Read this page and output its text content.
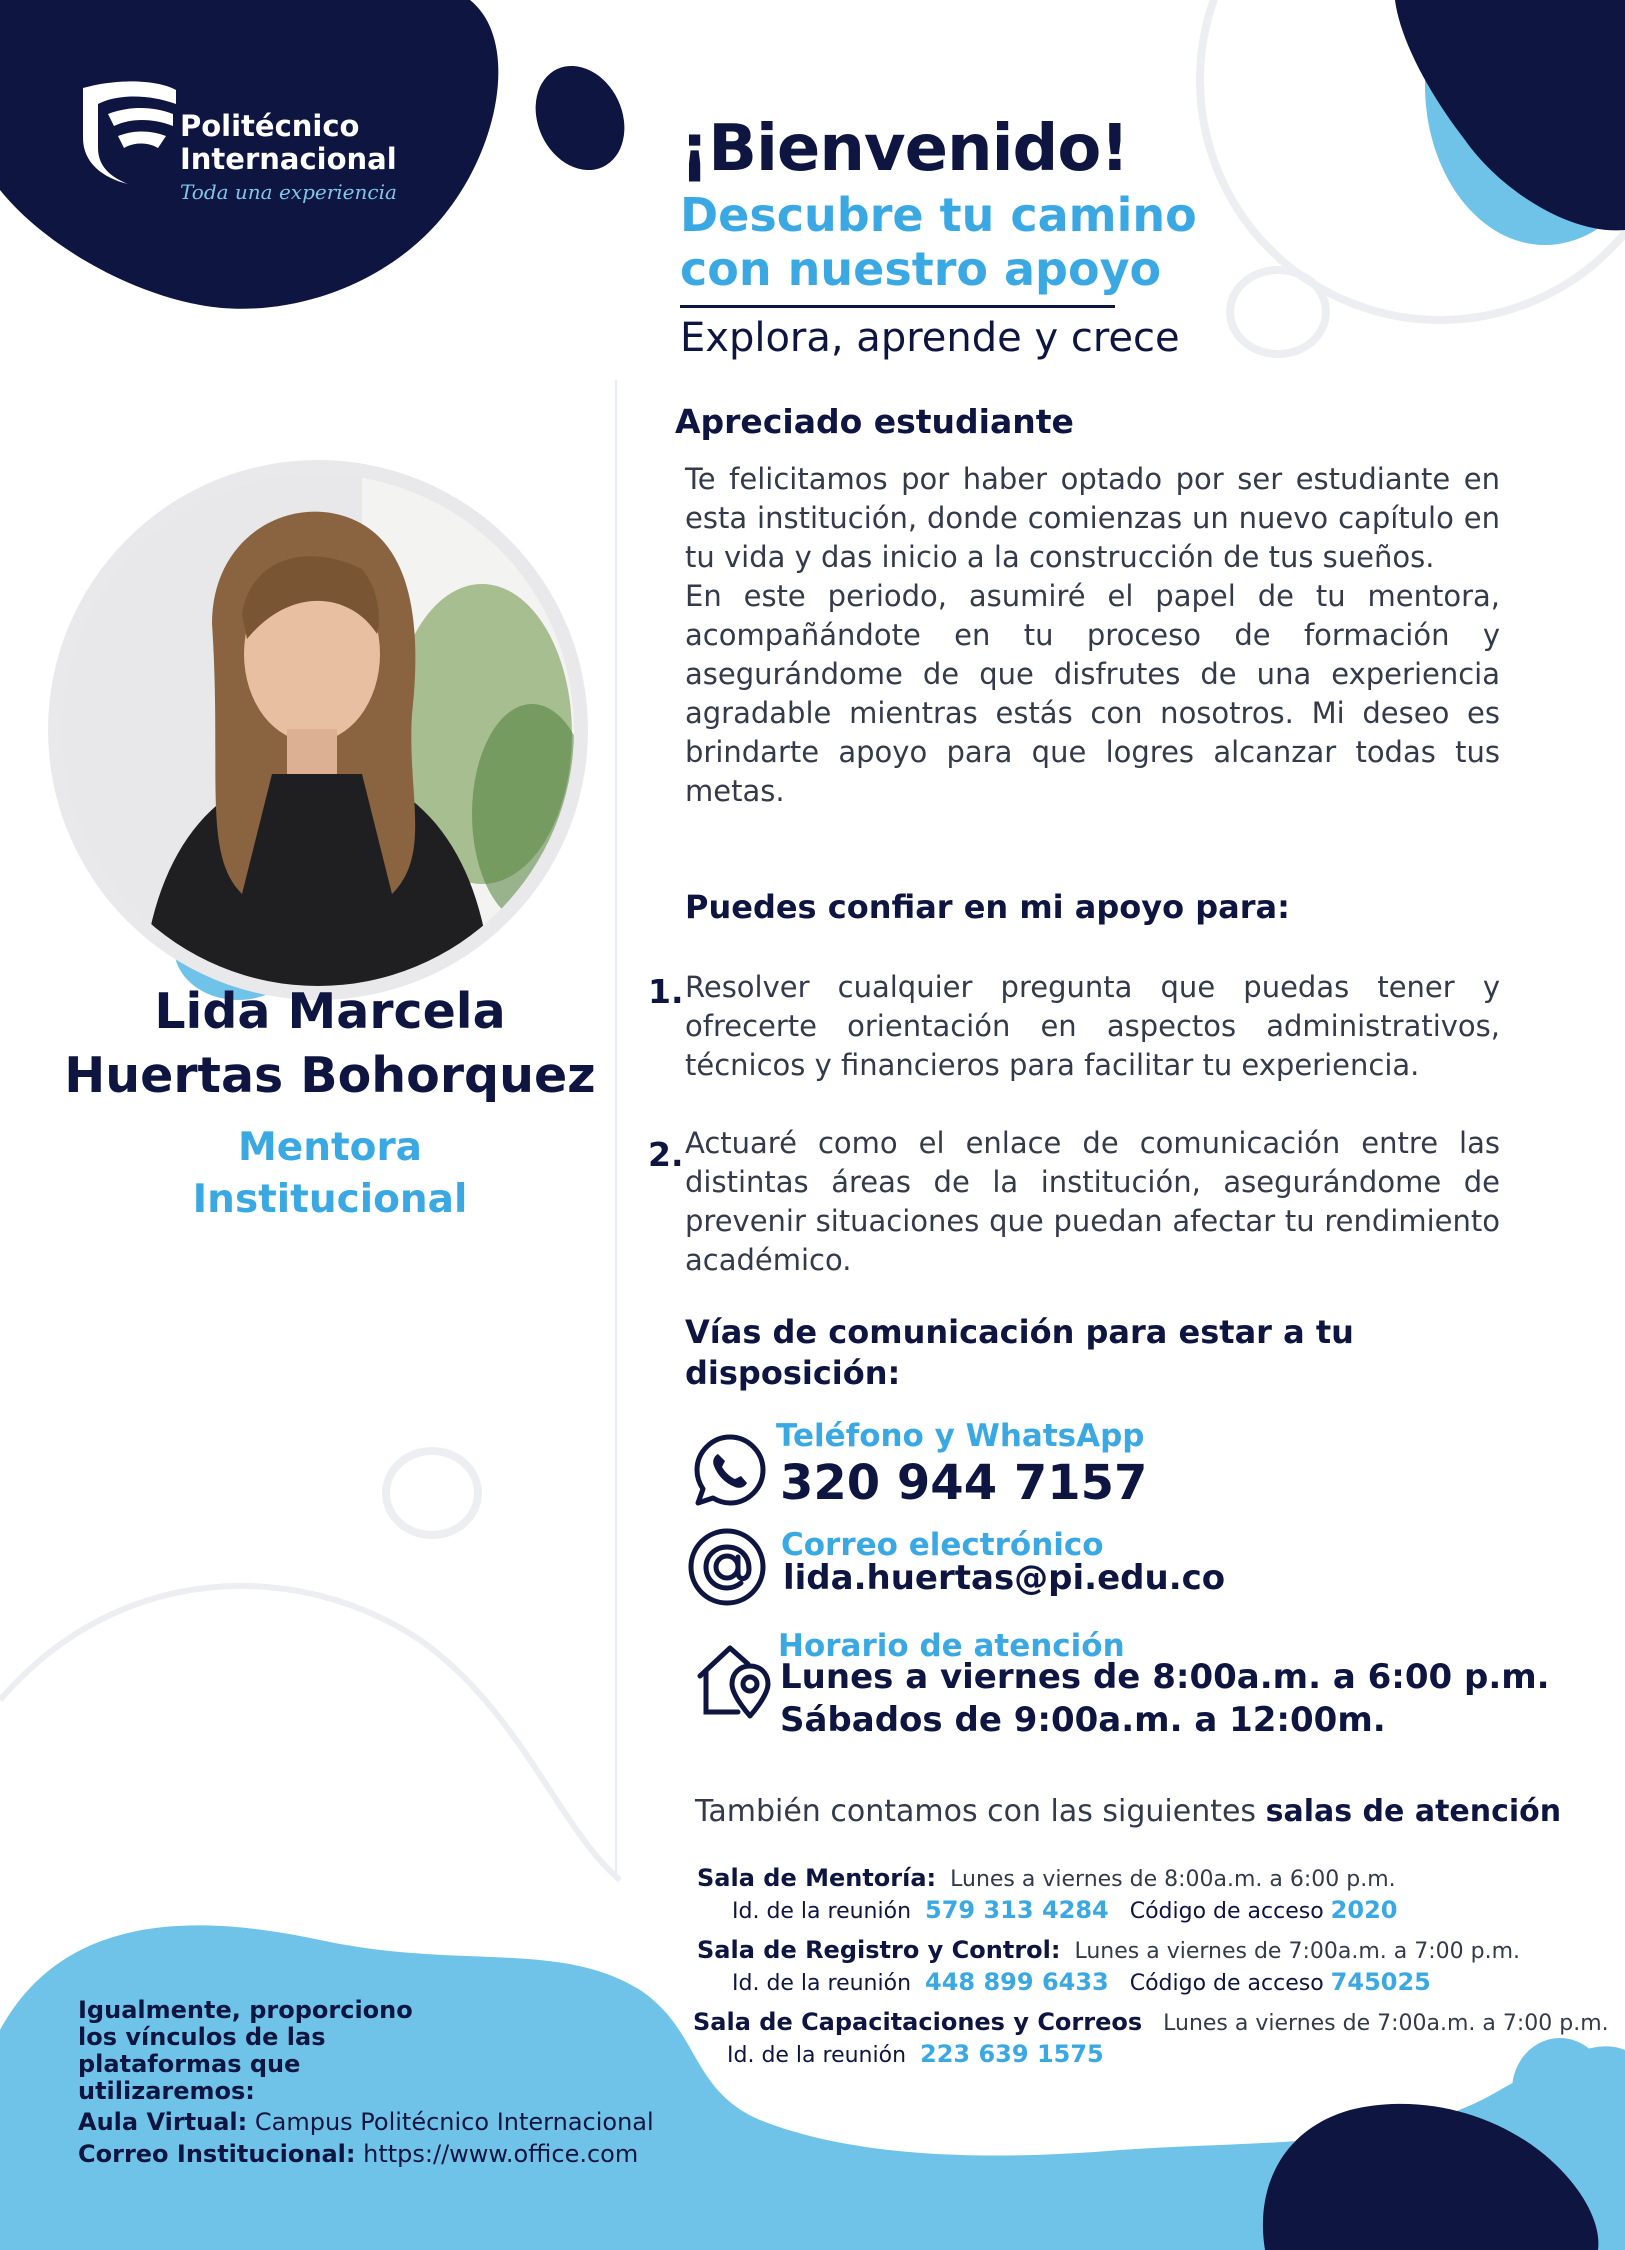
Politécnico
Internacional
Toda una experiencia
¡Bienvenido!
Descubre tu camino
con nuestro apoyo
Explora, aprende y crece
Lida Marcela
Huertas Bohorquez
Mentora
Institucional
Apreciado estudiante

Te felicitamos por haber optado por ser estudiante en esta institución, donde comienzas un nuevo capítulo en tu vida y das inicio a la construcción de tus sueños.

En este periodo, asumiré el papel de tu mentora, acompañándote en tu proceso de formación y asegurándome de que disfrutes de una experiencia agradable mientras estás con nosotros. Mi deseo es brindarte apoyo para que logres alcanzar todas tus metas.

Puedes confiar en mi apoyo para:
1. Resolver cualquier pregunta que puedas tener y ofrecerte orientación en aspectos administrativos, técnicos y financieros para facilitar tu experiencia.
2. Actuaré como el enlace de comunicación entre las distintas áreas de la institución, asegurándome de prevenir situaciones que puedan afectar tu rendimiento académico.
Vías de comunicación para estar a tu disposición:
Teléfono y WhatsApp
320 944 7157
Correo electrónico
lida.huertas@pi.edu.co
Horario de atención
Lunes a viernes de 8:00a.m. a 6:00 p.m.
Sábados de 9:00a.m. a 12:00m.
También contamos con las siguientes salas de atención
Sala de Mentoría: Lunes a viernes de 8:00a.m. a 6:00 p.m.
Id. de la reunión 579 313 4284 Código de acceso 2020
Sala de Registro y Control: Lunes a viernes de 7:00a.m. a 7:00 p.m.
Id. de la reunión 448 899 6433 Código de acceso 745025
Sala de Capacitaciones y Correos Lunes a viernes de 7:00a.m. a 7:00 p.m.
Id. de la reunión 223 639 1575
Igualmente, proporciono los vínculos de las plataformas que utilizaremos:
Aula Virtual: Campus Politécnico Internacional
Correo Institucional: https://www.office.com
